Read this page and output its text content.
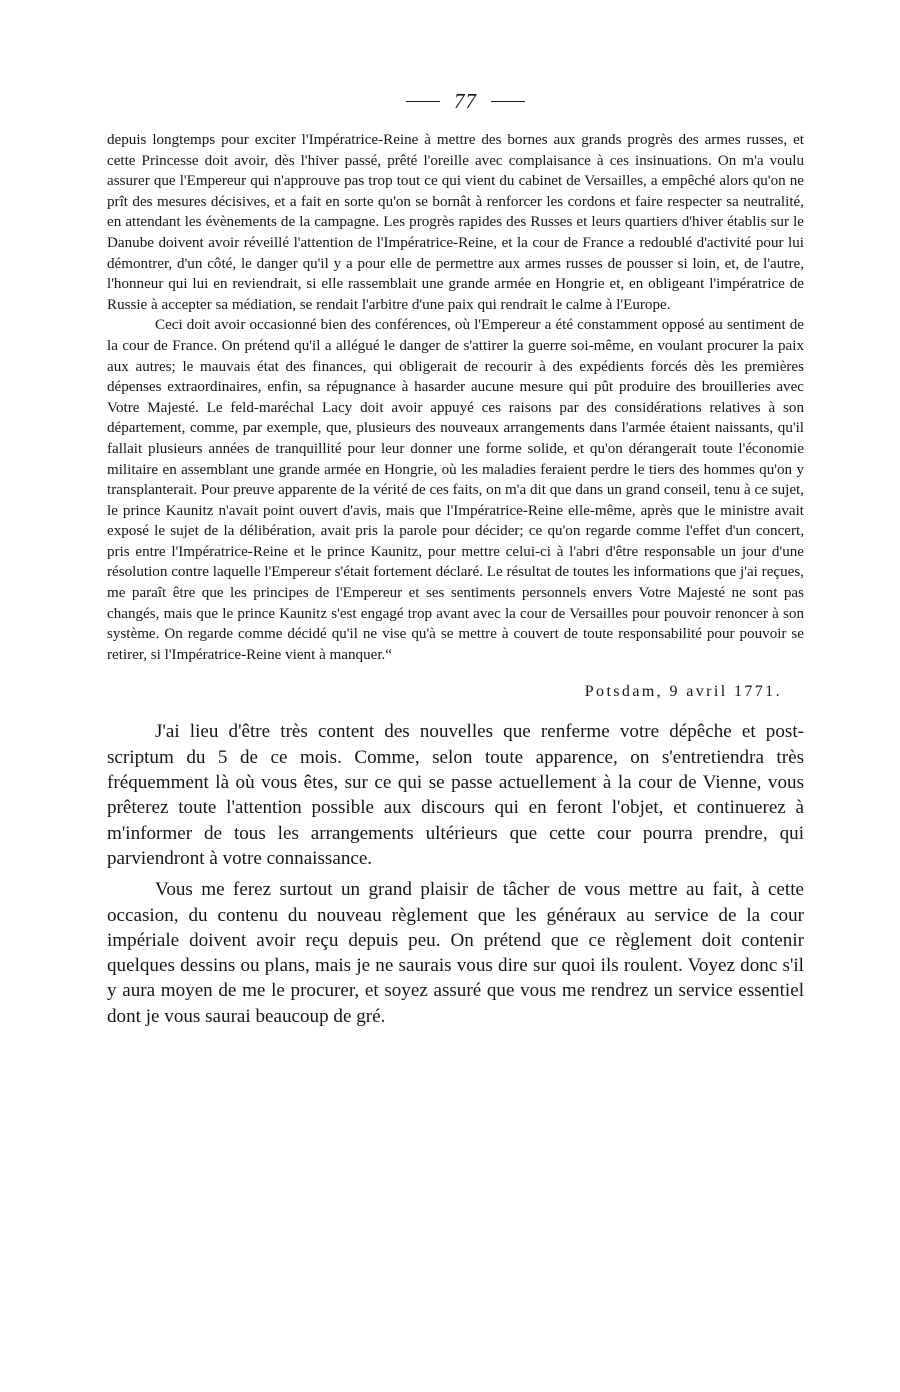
77

depuis longtemps pour exciter l'Impératrice-Reine à mettre des bornes aux grands progrès des armes russes, et cette Princesse doit avoir, dès l'hiver passé, prêté l'oreille avec complaisance à ces insinuations. On m'a voulu assurer que l'Empereur qui n'approuve pas trop tout ce qui vient du cabinet de Versailles, a empêché alors qu'on ne prît des mesures décisives, et a fait en sorte qu'on se bornât à renforcer les cordons et faire respecter sa neutralité, en attendant les évènements de la campagne. Les progrès rapides des Russes et leurs quartiers d'hiver établis sur le Danube doivent avoir réveillé l'attention de l'Impératrice-Reine, et la cour de France a redoublé d'activité pour lui démontrer, d'un côté, le danger qu'il y a pour elle de permettre aux armes russes de pousser si loin, et, de l'autre, l'honneur qui lui en reviendrait, si elle rassemblait une grande armée en Hongrie et, en obligeant l'impératrice de Russie à accepter sa médiation, se rendait l'arbitre d'une paix qui rendrait le calme à l'Europe.

Ceci doit avoir occasionné bien des conférences, où l'Empereur a été constamment opposé au sentiment de la cour de France. On prétend qu'il a allégué le danger de s'attirer la guerre soi-même, en voulant procurer la paix aux autres; le mauvais état des finances, qui obligerait de recourir à des expédients forcés dès les premières dépenses extraordinaires, enfin, sa répugnance à hasarder aucune mesure qui pût produire des brouilleries avec Votre Majesté. Le feld-maréchal Lacy doit avoir appuyé ces raisons par des considérations relatives à son département, comme, par exemple, que, plusieurs des nouveaux arrangements dans l'armée étaient naissants, qu'il fallait plusieurs années de tranquillité pour leur donner une forme solide, et qu'on dérangerait toute l'économie militaire en assemblant une grande armée en Hongrie, où les maladies feraient perdre le tiers des hommes qu'on y transplanterait. Pour preuve apparente de la vérité de ces faits, on m'a dit que dans un grand conseil, tenu à ce sujet, le prince Kaunitz n'avait point ouvert d'avis, mais que l'Impératrice-Reine elle-même, après que le ministre avait exposé le sujet de la délibération, avait pris la parole pour décider; ce qu'on regarde comme l'effet d'un concert, pris entre l'Impératrice-Reine et le prince Kaunitz, pour mettre celui-ci à l'abri d'être responsable un jour d'une résolution contre laquelle l'Empereur s'était fortement déclaré. Le résultat de toutes les informations que j'ai reçues, me paraît être que les principes de l'Empereur et ses sentiments personnels envers Votre Majesté ne sont pas changés, mais que le prince Kaunitz s'est engagé trop avant avec la cour de Versailles pour pouvoir renoncer à son système. On regarde comme décidé qu'il ne vise qu'à se mettre à couvert de toute responsabilité pour pouvoir se retirer, si l'Impératrice-Reine vient à manquer.“

Potsdam, 9 avril 1771.

J'ai lieu d'être très content des nouvelles que renferme votre dépêche et post-scriptum du 5 de ce mois. Comme, selon toute apparence, on s'entretiendra très fréquemment là où vous êtes, sur ce qui se passe actuellement à la cour de Vienne, vous prêterez toute l'attention possible aux discours qui en feront l'objet, et continuerez à m'informer de tous les arrangements ultérieurs que cette cour pourra prendre, qui parviendront à votre connaissance.

Vous me ferez surtout un grand plaisir de tâcher de vous mettre au fait, à cette occasion, du contenu du nouveau règlement que les généraux au service de la cour impériale doivent avoir reçu depuis peu. On prétend que ce règlement doit contenir quelques dessins ou plans, mais je ne saurais vous dire sur quoi ils roulent. Voyez donc s'il y aura moyen de me le procurer, et soyez assuré que vous me rendrez un service essentiel dont je vous saurai beaucoup de gré.
